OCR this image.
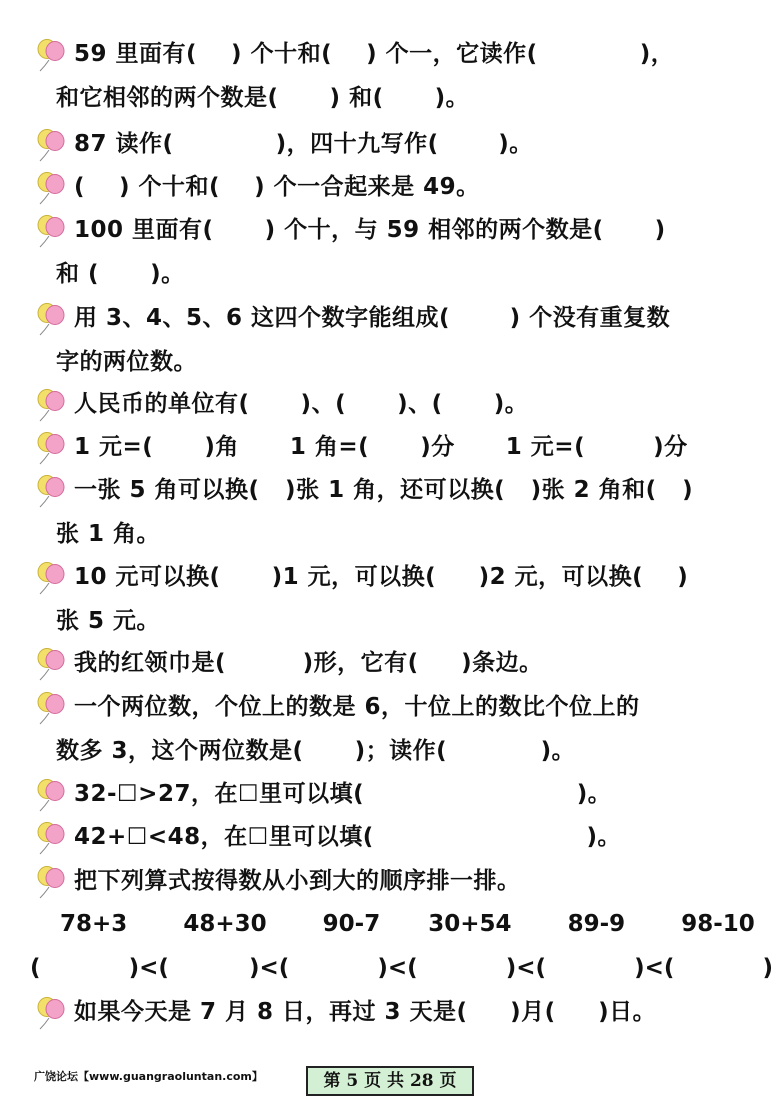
59 里面有(    ) 个十和(    ) 个一，它读作(            )，
和它相邻的两个数是(      ) 和(      )。
87 读作(            )，四十九写作(       )。
(    ) 个十和(    ) 个一合起来是 49。
100 里面有(      ) 个十，与 59 相邻的两个数是(      )
和 (      )。
用 3、4、5、6 这四个数字能组成(       ) 个没有重复数
字的两位数。
人民币的单位有(      )、(      )、(      )。
1 元=(      )角      1 角=(      )分      1 元=(        )分
一张 5 角可以换(   )张 1 角，还可以换(   )张 2 角和(   )
张 1 角。
10 元可以换(      )1 元，可以换(     )2 元，可以换(    )
张 5 元。
我的红领巾是(         )形，它有(     )条边。
一个两位数，个位上的数是 6，十位上的数比个位上的
数多 3，这个两位数是(      )；读作(           )。
32-☐>27，在☐里可以填(                         )。
42+☐<48，在☐里可以填(                         )。
把下列算式按得数从小到大的顺序排一排。
78+3       48+30       90-7      30+54       89-9       98-10
(           )<(          )<(           )<(           )<(           )<(           )
如果今天是 7 月 8 日，再过 3 天是(     )月(     )日。
广饶论坛【www.guangraoluntan.com】	第 5 页 共 28 页
